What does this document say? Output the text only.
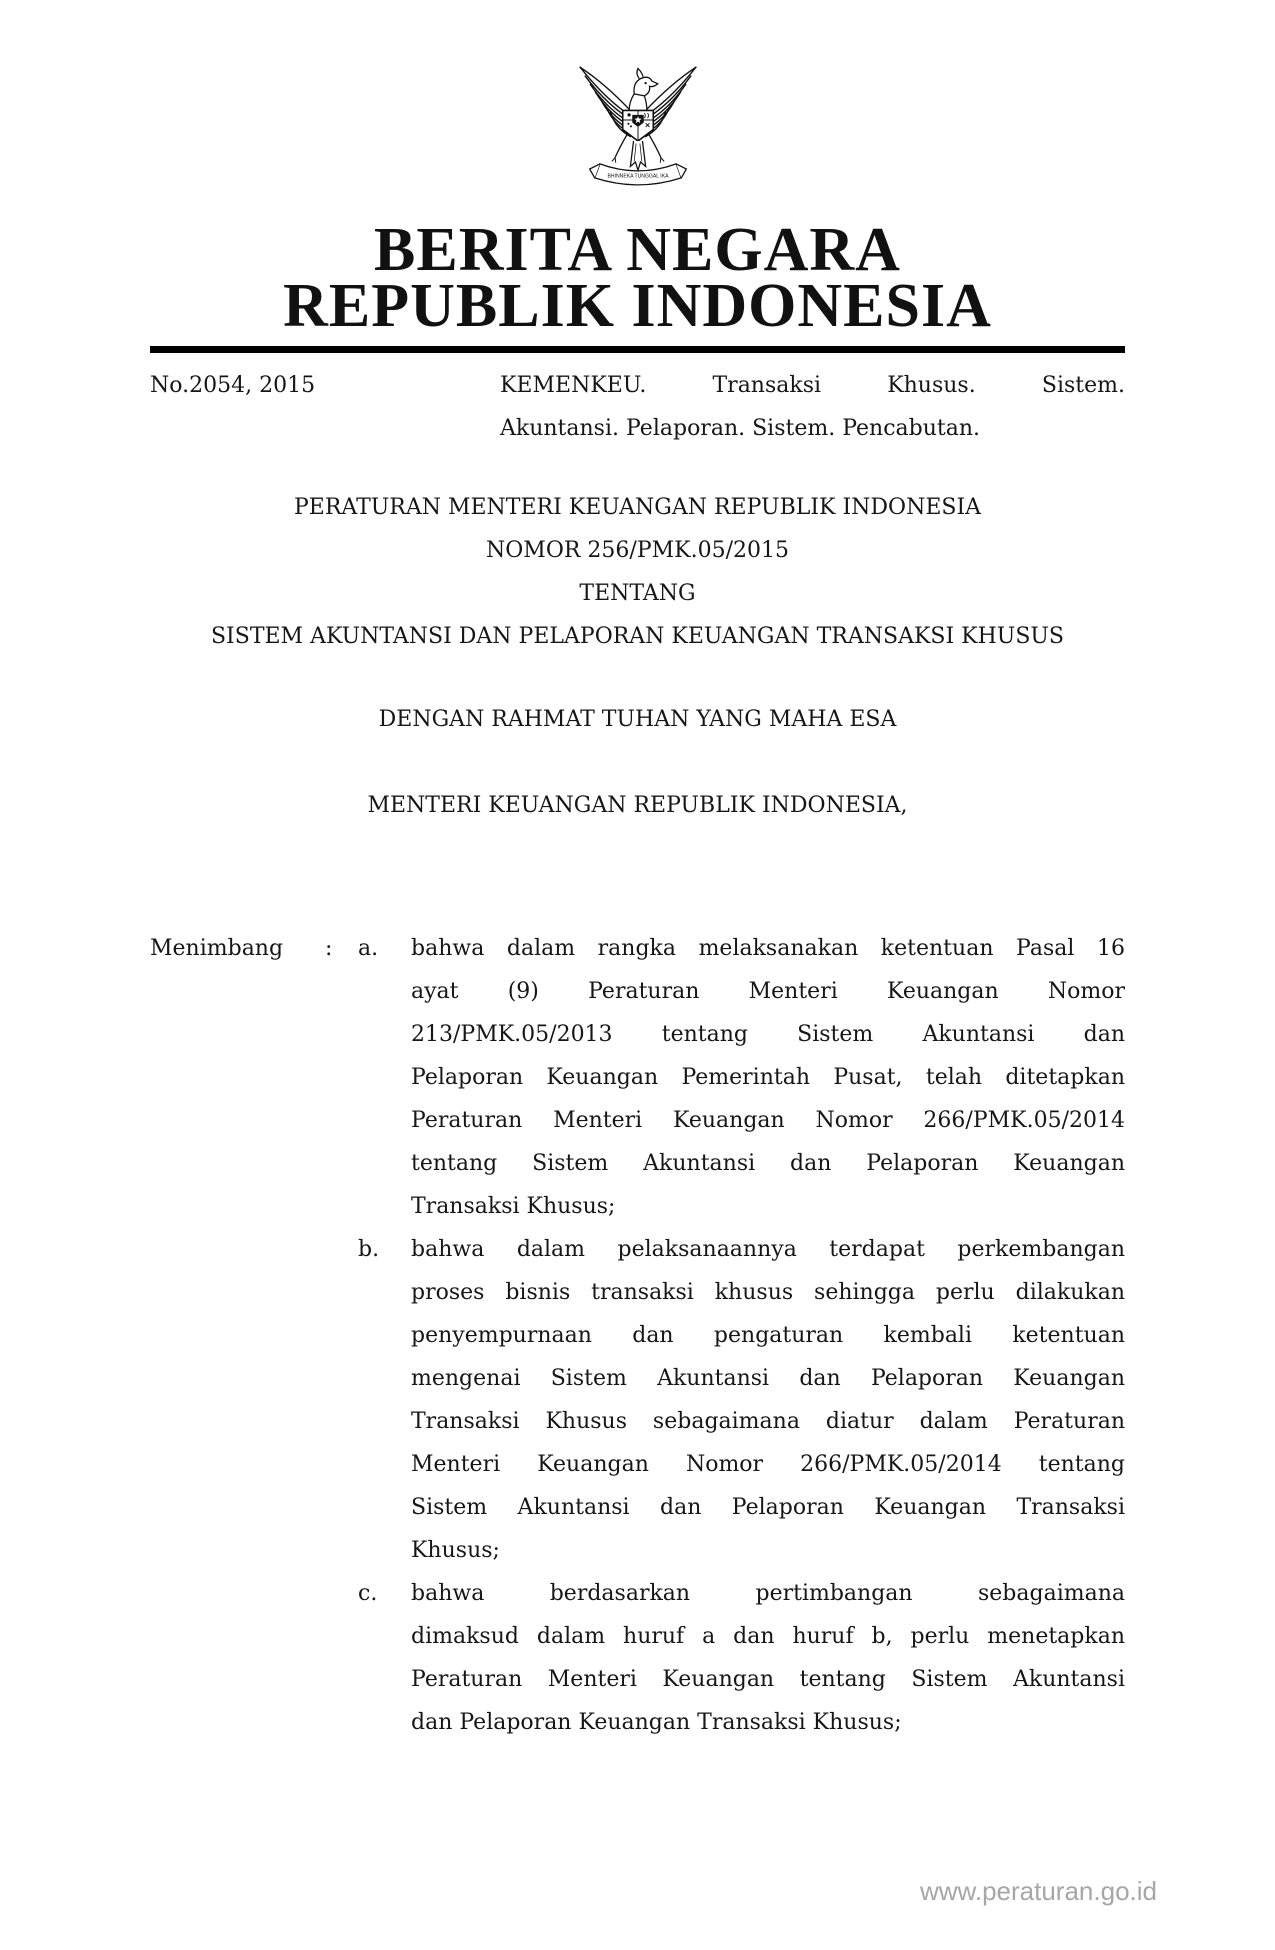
BHINNEKA TUNGGAL IKA
BERITA NEGARA
REPUBLIK INDONESIA
No.2054, 2015	KEMENKEU. Transaksi Khusus. Sistem.
Akuntansi. Pelaporan. Sistem. Pencabutan.
PERATURAN MENTERI KEUANGAN REPUBLIK INDONESIA
NOMOR 256/PMK.05/2015
TENTANG
SISTEM AKUNTANSI DAN PELAPORAN KEUANGAN TRANSAKSI KHUSUS
DENGAN RAHMAT TUHAN YANG MAHA ESA
MENTERI KEUANGAN REPUBLIK INDONESIA,
Menimbang	:	a.	bahwa dalam rangka melaksanakan ketentuan Pasal 16
ayat (9) Peraturan Menteri Keuangan Nomor
213/PMK.05/2013 tentang Sistem Akuntansi dan
Pelaporan Keuangan Pemerintah Pusat, telah ditetapkan
Peraturan Menteri Keuangan Nomor 266/PMK.05/2014
tentang Sistem Akuntansi dan Pelaporan Keuangan
Transaksi Khusus;
b.	bahwa dalam pelaksanaannya terdapat perkembangan
proses bisnis transaksi khusus sehingga perlu dilakukan
penyempurnaan dan pengaturan kembali ketentuan
mengenai Sistem Akuntansi dan Pelaporan Keuangan
Transaksi Khusus sebagaimana diatur dalam Peraturan
Menteri Keuangan Nomor 266/PMK.05/2014 tentang
Sistem Akuntansi dan Pelaporan Keuangan Transaksi
Khusus;
c.	bahwa berdasarkan pertimbangan sebagaimana
dimaksud dalam huruf a dan huruf b, perlu menetapkan
Peraturan Menteri Keuangan tentang Sistem Akuntansi
dan Pelaporan Keuangan Transaksi Khusus;
www.peraturan.go.id
